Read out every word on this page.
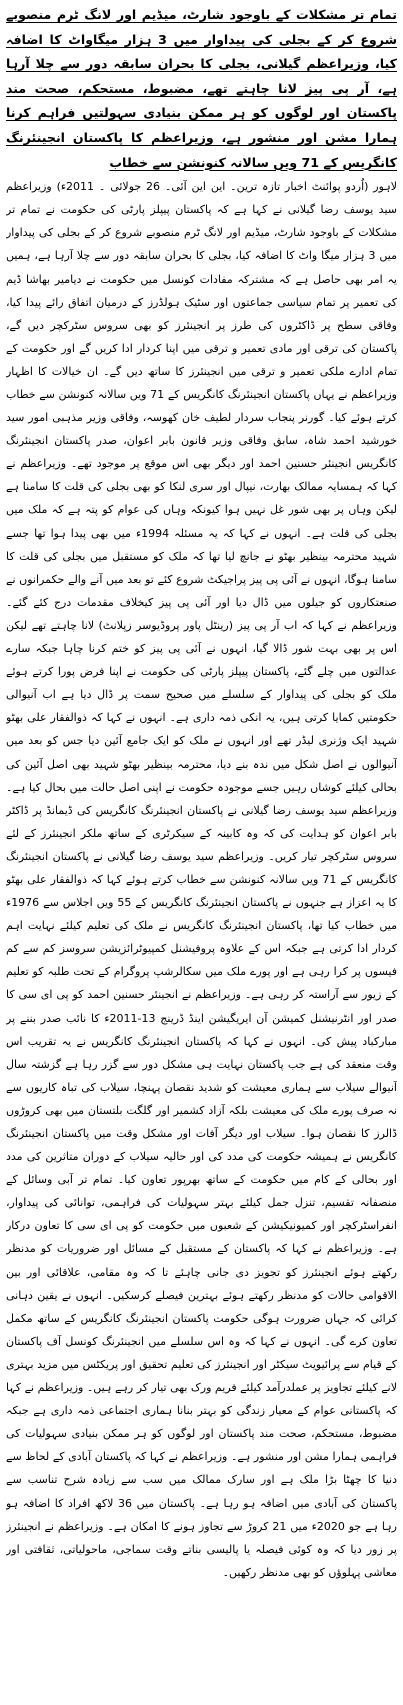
تمام تر مشکلات کے باوجود شارٹ، میڈیم اور لانگ ٹرم منصوبے شروع کر کے بجلی کی پیداوار میں 3 ہزار میگاواٹ کا اضافہ کیا، وزیراعظم گیلانی، بجلی کا بحران سابقہ دور سے چلا آرہا ہے، آر پی پیز لانا چاہتے تھے، مضبوط، مستحکم، صحت مند پاکستان اور لوگوں کو ہر ممکن بنیادی سہولتیں فراہم کرنا ہمارا مشن اور منشور ہے، وزیراعظم کا پاکستان انجینئرنگ کانگریس کے 71 ویں سالانہ کنونشن سے خطاب
لاہور (اُردو پوائنٹ اخبار تازہ ترین۔ این این آئی۔ 26 جولائی ۔ 2011ء) وزیراعظم سید یوسف رضا گیلانی نے کہا ہے کہ پاکستان پیپلز پارٹی کی حکومت نے تمام تر مشکلات کے باوجود شارٹ، میڈیم اور لانگ ٹرم منصوبے شروع کر کے بجلی کی پیداوار میں 3 ہزار میگا واٹ کا اضافہ کیا، بجلی کا بحران سابقہ دور سے چلا آرہا ہے، ہمیں یہ امر بھی حاصل ہے کہ مشترکہ مفادات کونسل میں حکومت نے دیامیر بھاشا ڈیم کی تعمیر پر تمام سیاسی جماعتوں اور سٹیک ہولڈرز کے درمیان اتفاق رائے پیدا کیا، وفاقی سطح پر ڈاکٹروں کی طرز پر انجینئرز کو بھی سروس سٹرکچر دیں گے، پاکستان کی ترقی اور مادی تعمیر و ترقی میں اپنا کردار ادا کریں گے اور حکومت کے تمام ادارے ملکی تعمیر و ترقی میں انجینئرز کا ساتھ دیں گے۔ ان خیالات کا اظہار وزیراعظم نے یہاں پاکستان انجینئرنگ کانگریس کے 71 ویں سالانہ کنونشن سے خطاب کرتے ہوئے کیا۔ گورنر پنجاب سردار لطیف خان کھوسہ، وفاقی وزیر مذہبی امور سید خورشید احمد شاہ، سابق وفاقی وزیر قانون بابر اعوان، صدر پاکستان انجینئرنگ کانگریس انجینئر حسنین احمد اور دیگر بھی اس موقع پر موجود تھے۔ وزیراعظم نے کہا کہ ہمسایہ ممالک بھارت، نیپال اور سری لنکا کو بھی بجلی کی قلت کا سامنا ہے لیکن وہاں پر بھی شور غل نہیں ہوا کیونکہ وہاں کی عوام کو پتہ ہے کہ ملک میں بجلی کی قلت ہے۔ انہوں نے کہا کہ یہ مسئلہ 1994ء میں بھی پیدا ہوا تھا جسے شہید محترمہ بینظیر بھٹو نے جانچ لیا تھا کہ ملک کو مستقبل میں بجلی کی قلت کا سامنا ہوگا، انہوں نے آئی پی پیز پراجیکٹ شروع کئے تو بعد میں آنے والے حکمرانوں نے صنعتکاروں کو جیلوں میں ڈال دیا اور آئی پی پیز کیخلاف مقدمات درج کئے گئے۔ وزیراعظم نے کہا کہ اب آر پی پیز (رینٹل پاور پروڈیوسر زپلانٹ) لانا چاہتے تھے لیکن اس پر بھی بہت شور ڈالا گیا، انہوں نے آئی پی پیز کو ختم کرنا چاہا جبکہ سارے عدالتوں میں چلے گئے، پاکستان پیپلز پارٹی کی حکومت نے اپنا فرض پورا کرتے ہوئے ملک کو بجلی کی پیداوار کے سلسلے میں صحیح سمت پر ڈال دیا ہے اب آنیوالی حکومتیں کمایا کرتی ہیں، یہ انکی ذمہ داری ہے۔ انہوں نے کہا کہ ذوالفقار علی بھٹو شہید ایک وژنری لیڈر تھے اور انہوں نے ملک کو ایک جامع آئین دیا جس کو بعد میں آنیوالوں نے اصل شکل میں ندہ بنے دیا، محترمہ بینظیر بھٹو شہید بھی اصل آئین کی بحالی کیلئے کوشاں رہیں جسے موجودہ حکومت نے اپنی اصل حالت میں بحال کیا ہے۔ وزیراعظم سید یوسف رضا گیلانی نے پاکستان انجینئرنگ کانگریس کی ڈیمانڈ پر ڈاکٹر بابر اعوان کو ہدایت کی کہ وہ کابینہ کے سیکرٹری کے ساتھ ملکر انجینئرز کے لئے سروس سٹرکچر تیار کریں۔ وزیراعظم سید یوسف رضا گیلانی نے پاکستان انجینئرنگ کانگریس کے 71 ویں سالانہ کنونشن سے خطاب کرتے ہوئے کہا کہ ذوالفقار علی بھٹو کا یہ اعزاز ہے جنہوں نے پاکستان انجینئرنگ کانگریس کے 55 ویں اجلاس سے 1976ء میں خطاب کیا تھا، پاکستان انجینئرنگ کانگریس نے ملک کی تعلیم کیلئے نہایت اہم کردار ادا کرتی ہے جبکہ اس کے علاوہ پروفیشنل کمپیوٹرائزیشن سروسز کم سے کم فیسوں پر کرا رہی ہے اور پورے ملک میں سکالرشپ پروگرام کے تحت طلبہ کو تعلیم کے زیور سے آراستہ کر رہی ہے۔ وزیراعظم نے انجینئر حسنین احمد کو پی ای سی کا صدر اور انٹرنیشنل کمیشن آن ایریگیشن اینڈ ڈرینج 13-2011ء کا نائب صدر بننے پر مبارکباد پیش کی۔ انہوں نے کہا کہ پاکستان انجینئرنگ کانگریس نے یہ تقریب اس وقت منعقد کی ہے جب پاکستان نہایت ہی مشکل دور سے گزر رہا ہے گزشتہ سال آنیوالے سیلاب سے ہماری معیشت کو شدید نقصان پہنچا، سیلاب کی تباہ کاریوں سے نہ صرف پورے ملک کی معیشت بلکہ آزاد کشمیر اور گلگت بلتستان میں بھی کروڑوں ڈالرز کا نقصان ہوا۔ سیلاب اور دیگر آفات اور مشکل وقت میں پاکستان انجینئرنگ کانگریس نے ہمیشہ حکومت کی مدد کی اور حالیہ سیلاب کے دوران متاثرین کی مدد اور بحالی کے کام میں حکومت کے ساتھ بھرپور تعاون کیا۔ تمام تر آبی وسائل کے منصفانہ تقسیم، تنزل جمل کیلئے بہتر سہولیات کی فراہمی، توانائی کی پیداوار، انفراسٹرکچر اور کمیونیکیشن کے شعبوں میں حکومت کو پی ای سی کا تعاون درکار ہے۔ وزیراعظم نے کہا کہ پاکستان کے مستقبل کے مسائل اور ضروریات کو مدنظر رکھتے ہوئے انجینئرز کو تجویز دی جانی چاہئے تا کہ وہ مقامی، علاقائی اور بین الاقوامی حالات کو مدنظر رکھتے ہوئے بہترین فیصلے کرسکیں۔ انہوں نے یقین دہانی کرائی کہ جہاں ضرورت ہوگی حکومت پاکستان انجینئرنگ کانگریس کے ساتھ مکمل تعاون کرے گی۔ انہوں نے کہا کہ وہ اس سلسلے میں انجینئرنگ کونسل آف پاکستان کے قیام سے پرائیویٹ سیکٹر اور انجینئرز کی تعلیم تحقیق اور پریکٹس میں مزید بہتری لانے کیلئے تجاویز پر عملدرآمد کیلئے فریم ورک بھی تیار کر رہے ہیں۔ وزیراعظم نے کہا کہ پاکستانی عوام کے معیار زندگی کو بہتر بنانا ہماری اجتماعی ذمہ داری ہے جبکہ مضبوط، مستحکم، صحت مند پاکستان اور لوگوں کو ہر ممکن بنیادی سہولیات کی فراہمی ہمارا مشن اور منشور ہے۔ وزیراعظم نے کہا کہ پاکستان آبادی کے لحاظ سے دنیا کا چھٹا بڑا ملک ہے اور سارک ممالک میں سب سے زیادہ شرح تناسب سے پاکستان کی آبادی میں اضافہ ہو رہا ہے۔ پاکستان میں 36 لاکھ افراد کا اضافہ ہو رہا ہے جو 2020ء میں 21 کروڑ سے تجاوز ہونے کا امکان ہے۔ وزیراعظم نے انجینئرز پر زور دیا کہ وہ کوئی فیصلہ یا پالیسی بناتے وقت سماجی، ماحولیاتی، ثقافتی اور معاشی پہلوؤں کو بھی مدنظر رکھیں۔
